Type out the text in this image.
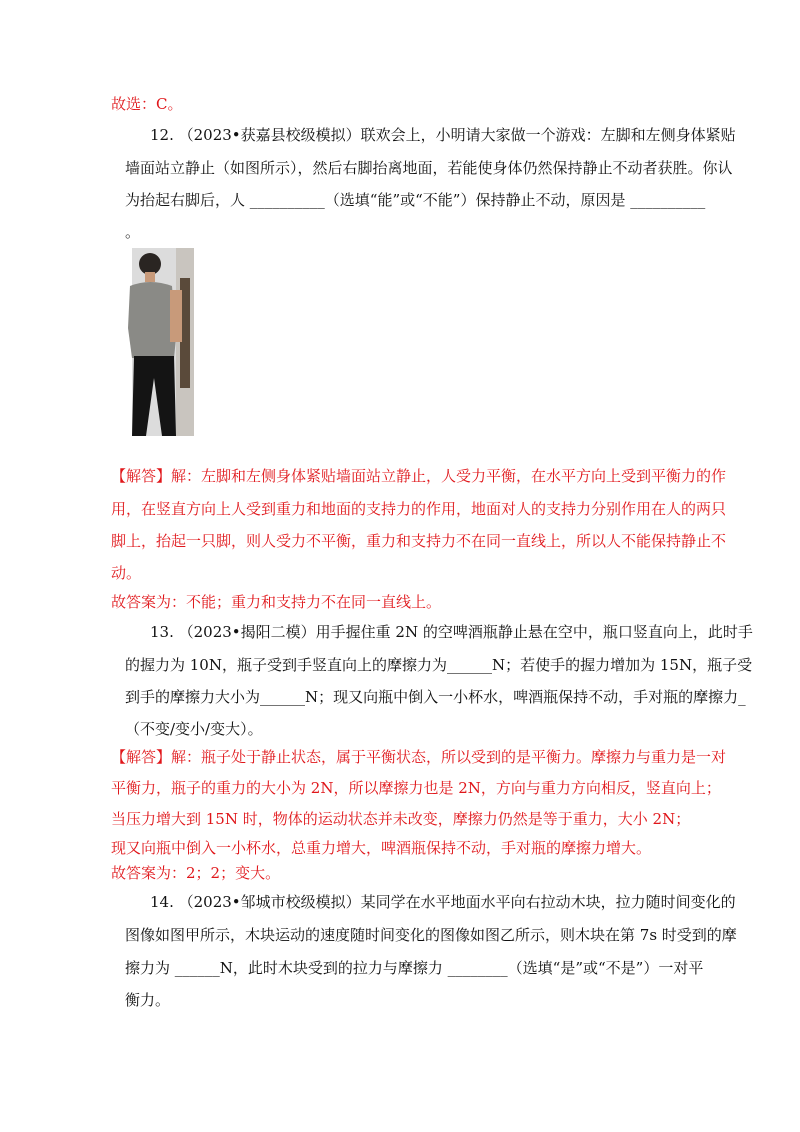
故选：C。
12. （2023•获嘉县校级模拟）联欢会上，小明请大家做一个游戏：左脚和左侧身体紧贴
墙面站立静止（如图所示），然后右脚抬离地面，若能使身体仍然保持静止不动者获胜。你认
为抬起右脚后，人 __________（选填“能”或“不能”）保持静止不动，原因是 __________
。
【解答】解：左脚和左侧身体紧贴墙面站立静止，人受力平衡，在水平方向上受到平衡力的作
用，在竖直方向上人受到重力和地面的支持力的作用，地面对人的支持力分别作用在人的两只
脚上，抬起一只脚，则人受力不平衡，重力和支持力不在同一直线上，所以人不能保持静止不
动。
故答案为：不能；重力和支持力不在同一直线上。
13. （2023•揭阳二模）用手握住重 2N 的空啤酒瓶静止悬在空中，瓶口竖直向上，此时手
的握力为 10N，瓶子受到手竖直向上的摩擦力为______N；若使手的握力增加为 15N，瓶子受
到手的摩擦力大小为______N；现又向瓶中倒入一小杯水，啤酒瓶保持不动，手对瓶的摩擦力_
（不变/变小/变大）。
【解答】解：瓶子处于静止状态，属于平衡状态，所以受到的是平衡力。摩擦力与重力是一对
平衡力，瓶子的重力的大小为 2N，所以摩擦力也是 2N，方向与重力方向相反，竖直向上；
当压力增大到 15N 时，物体的运动状态并未改变，摩擦力仍然是等于重力，大小 2N；
现又向瓶中倒入一小杯水，总重力增大，啤酒瓶保持不动，手对瓶的摩擦力增大。
故答案为：2；2；变大。
14. （2023•邹城市校级模拟）某同学在水平地面水平向右拉动木块，拉力随时间变化的
图像如图甲所示，木块运动的速度随时间变化的图像如图乙所示，则木块在第 7s 时受到的摩
擦力为 ______N，此时木块受到的拉力与摩擦力 ________（选填“是”或“不是”）一对平
衡力。
